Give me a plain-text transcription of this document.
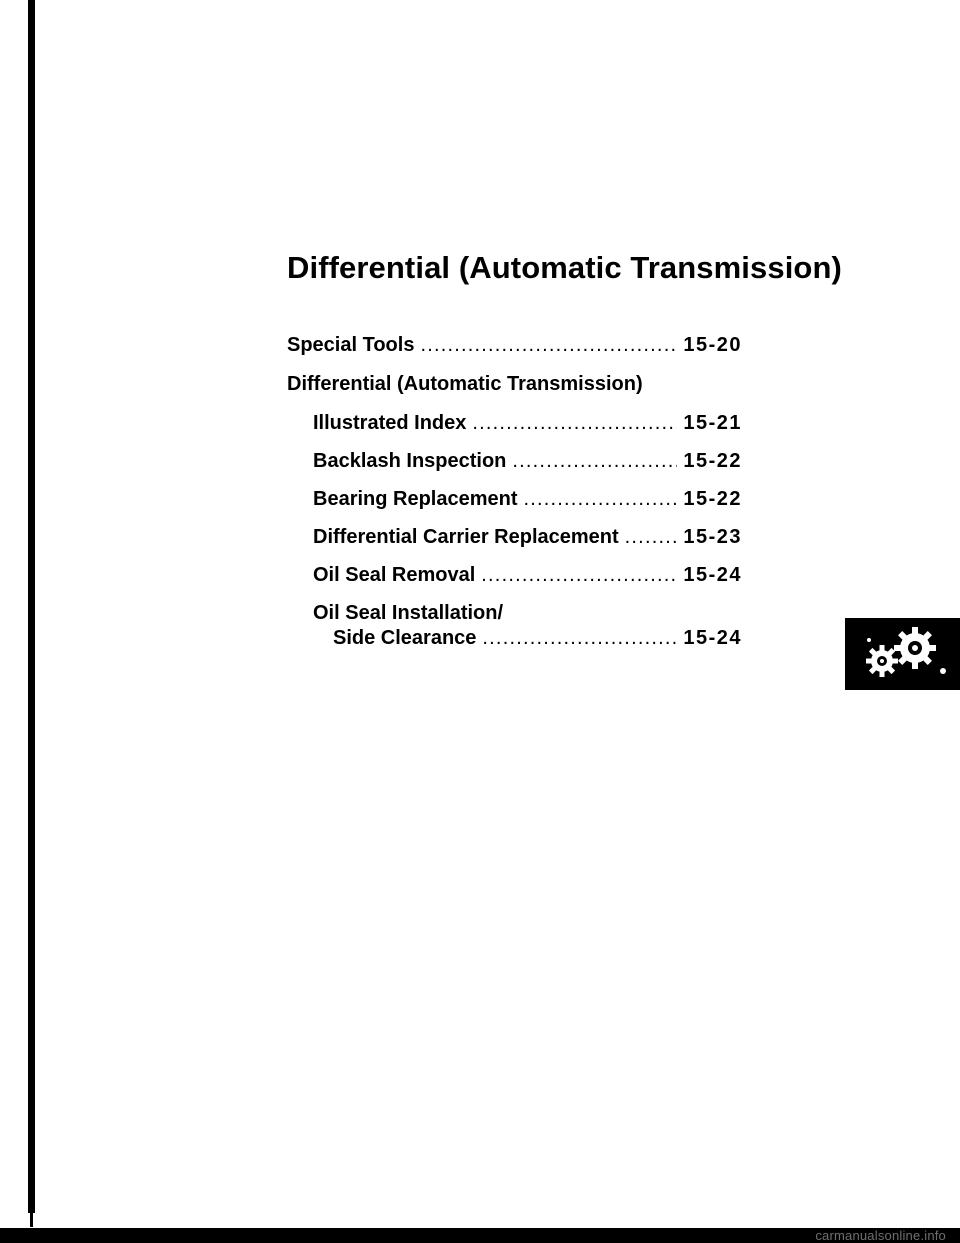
Differential (Automatic Transmission)
Special Tools .....	15-20
Differential (Automatic Transmission)
Illustrated Index .....	15-21
Backlash Inspection .....	15-22
Bearing Replacement .....	15-22
Differential Carrier Replacement .....	15-23
Oil Seal Removal .....	15-24
Oil Seal Installation/
Side Clearance .....	15-24
carmanualsonline.info
